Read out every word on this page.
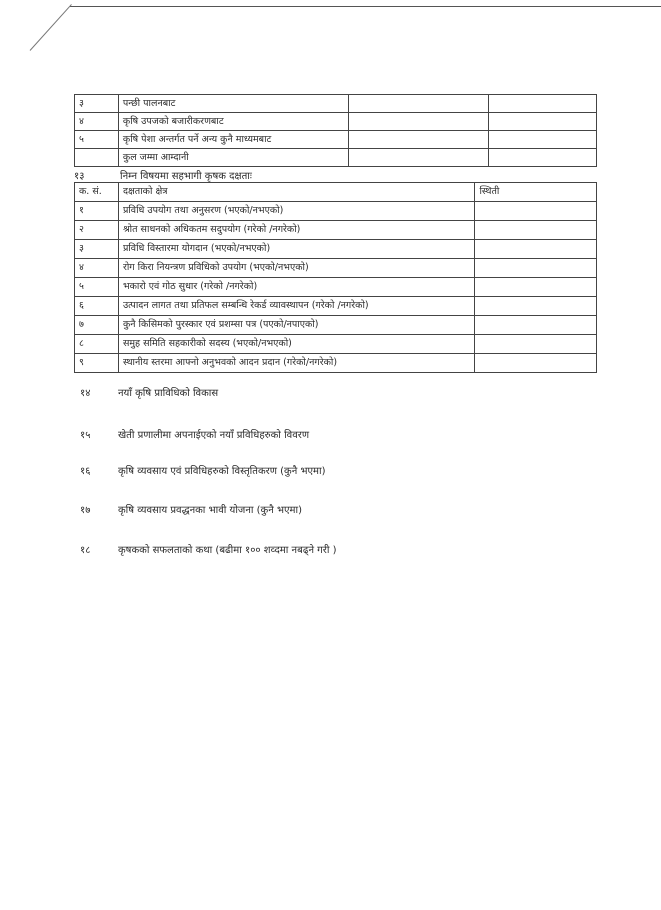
३	पन्छी पालनबाट		
४	कृषि उपजको बजारीकरणबाट		
५	कृषि पेशा अन्तर्गत पर्ने अन्य कुनै माध्यमबाट		
	कुल जम्मा आम्दानी		
१३	निम्न विषयमा सहभागी कृषक दक्षताः
क. सं.	दक्षताको क्षेत्र	स्थिती
१	प्रविधि उपयोग तथा अनुसरण (भएको/नभएको)	
२	श्रोत साधनको अधिकतम सदुपयोग (गरेको /नगरेको)	
३	प्रविधि विस्तारमा योगदान (भएको/नभएको)	
४	रोग किरा नियन्त्रण प्रविधिको उपयोग (भएको/नभएको)	
५	भकारो एवं गोठ सुधार (गरेको /नगरेको)	
६	उत्पादन लागत तथा प्रतिफल सम्बन्धि रेकर्ड व्यावस्थापन (गरेको /नगरेको)	
७	कुनै किसिमको पुरस्कार एवं प्रशम्सा पत्र (पएको/नपाएको)	
८	समुह समिति सहकारीको सदस्य (भएको/नभएको)	
९	स्थानीय स्तरमा आफ्नो अनुभवको आदन प्रदान (गरेको/नगरेको)	
१४	नयाँ कृषि प्राविधिको विकास
१५	खेती प्रणालीमा अपनाईएको नयाँ प्रविधिहरुको विवरण
१६	कृषि व्यवसाय एवं प्रविधिहरुको विस्तृतिकरण (कुनै भएमा)
१७	कृषि व्यवसाय प्रवद्धनका भावी योजना (कुनै भएमा)
१८	कृषकको सफलताको कथा (बढीमा १०० शव्दमा नबढ्ने गरी )
